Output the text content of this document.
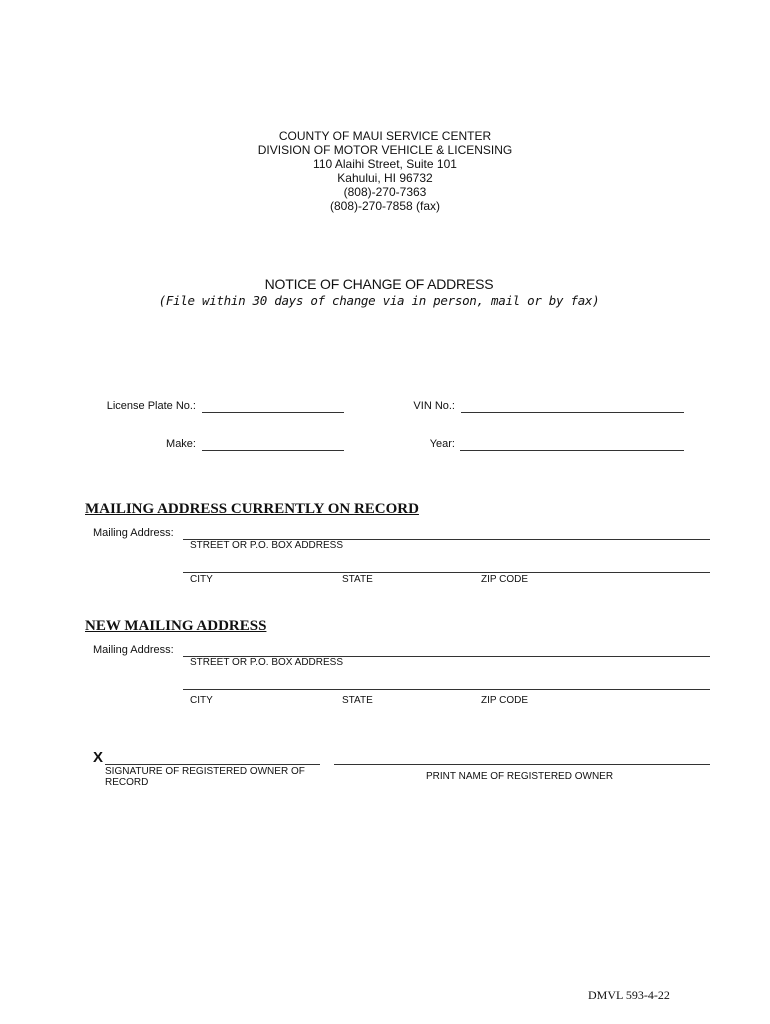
COUNTY OF MAUI SERVICE CENTER
DIVISION OF MOTOR VEHICLE & LICENSING
110 Alaihi Street, Suite 101
Kahului, HI 96732
(808)-270-7363
(808)-270-7858 (fax)
NOTICE OF CHANGE OF ADDRESS
(File within 30 days of change via in person, mail or by fax)
License Plate No.:	VIN No.:
Make:	Year:
MAILING ADDRESS CURRENTLY ON RECORD
Mailing Address:
STREET OR P.O. BOX ADDRESS
CITY	STATE	ZIP CODE
NEW MAILING ADDRESS
Mailing Address:
STREET OR P.O. BOX ADDRESS
CITY	STATE	ZIP CODE
X
SIGNATURE OF REGISTERED OWNER OF RECORD
PRINT NAME OF REGISTERED OWNER
DMVL 593-4-22
